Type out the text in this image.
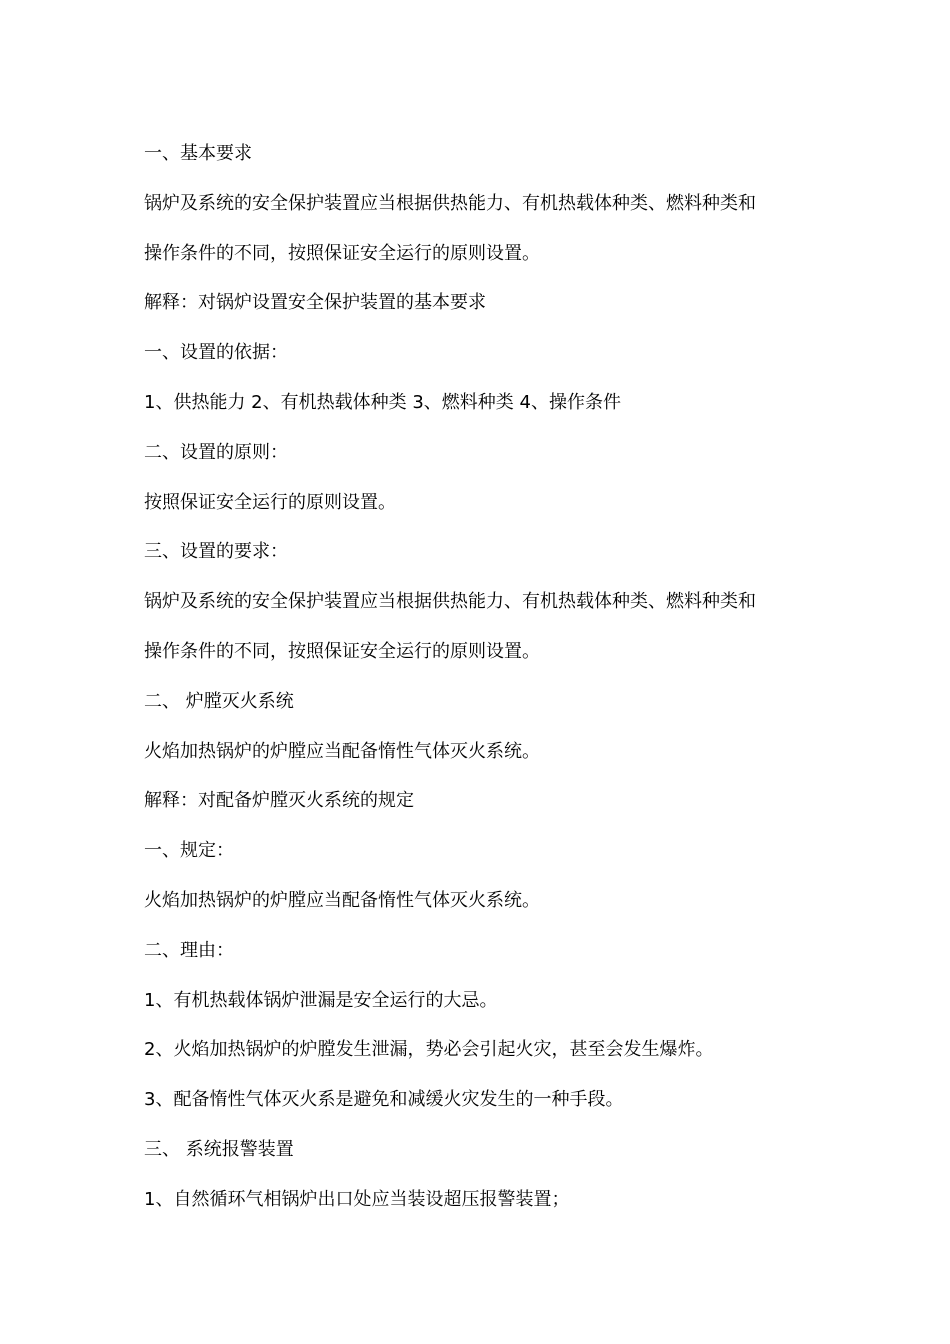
一、基本要求
锅炉及系统的安全保护装置应当根据供热能力、有机热载体种类、燃料种类和
操作条件的不同，按照保证安全运行的原则设置。
解释：对锅炉设置安全保护装置的基本要求
一、设置的依据：
1、供热能力 2、有机热载体种类 3、燃料种类 4、操作条件
二、设置的原则：
按照保证安全运行的原则设置。
三、设置的要求：
锅炉及系统的安全保护装置应当根据供热能力、有机热载体种类、燃料种类和
操作条件的不同，按照保证安全运行的原则设置。
二、 炉膛灭火系统
火焰加热锅炉的炉膛应当配备惰性气体灭火系统。
解释：对配备炉膛灭火系统的规定
一、规定：
火焰加热锅炉的炉膛应当配备惰性气体灭火系统。
二、理由：
1、有机热载体锅炉泄漏是安全运行的大忌。
2、火焰加热锅炉的炉膛发生泄漏，势必会引起火灾，甚至会发生爆炸。
3、配备惰性气体灭火系是避免和减缓火灾发生的一种手段。
三、 系统报警装置
1、自然循环气相锅炉出口处应当装设超压报警装置；
